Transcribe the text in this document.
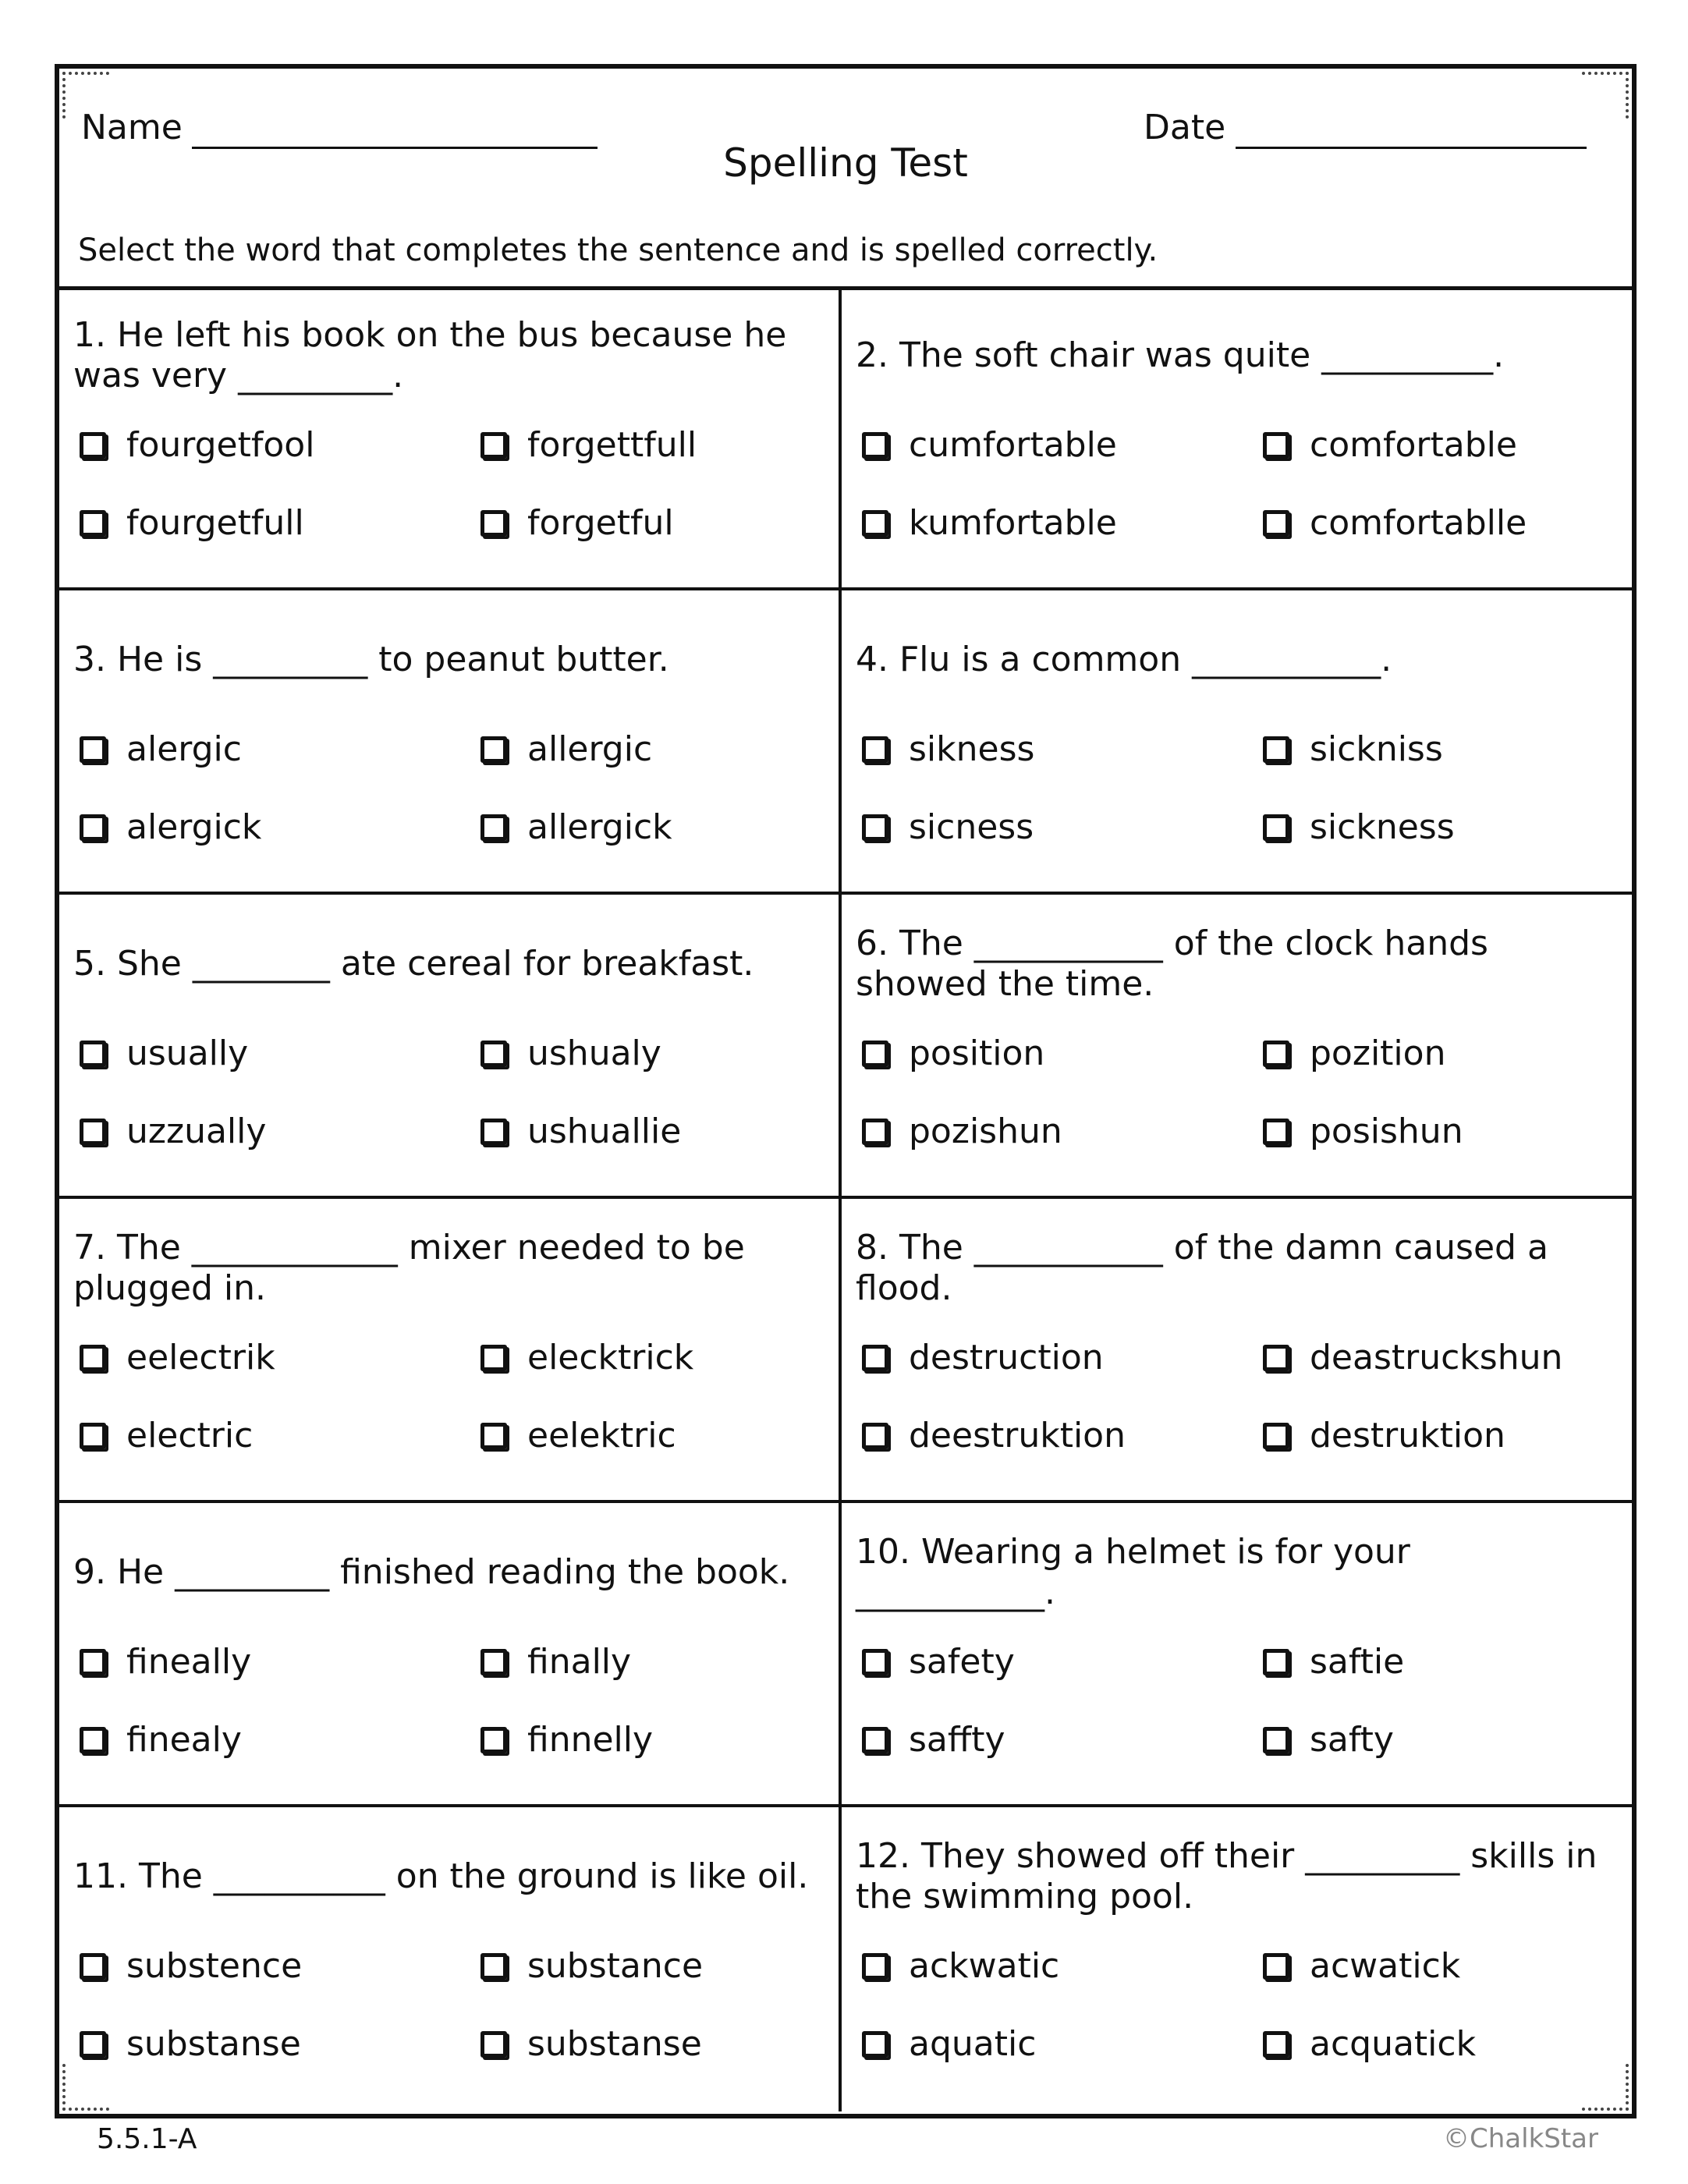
Name
Spelling Test
Date
Select the word that completes the sentence and is spelled correctly.
1. He left his book on the bus because he was very _________.
fourgetfool	forgettfull
fourgetfull	forgetful
2. The soft chair was quite __________.
cumfortable	comfortable
kumfortable	comfortablle
3. He is _________ to peanut butter.
alergic	allergic
alergick	allergick
4. Flu is a common ___________.
sikness	sickniss
sicness	sickness
5. She ________ ate cereal for breakfast.
usually	ushualy
uzzually	ushuallie
6. The ___________ of the clock hands showed the time.
position	pozition
pozishun	posishun
7. The ____________ mixer needed to be plugged in.
eelectrik	elecktrick
electric	eelektric
8. The ___________ of the damn caused a flood.
destruction	deastruckshun
deestruktion	destruktion
9. He _________ finished reading the book.
fineally	finally
finealy	finnelly
10. Wearing a helmet is for your ___________.
safety	saftie
saffty	safty
11. The __________ on the ground is like oil.
substence	substance
substanse	substanse
12. They showed off their _________ skills in the swimming pool.
ackwatic	acwatick
aquatic	acquatick
5.5.1-A	©ChalkStar
